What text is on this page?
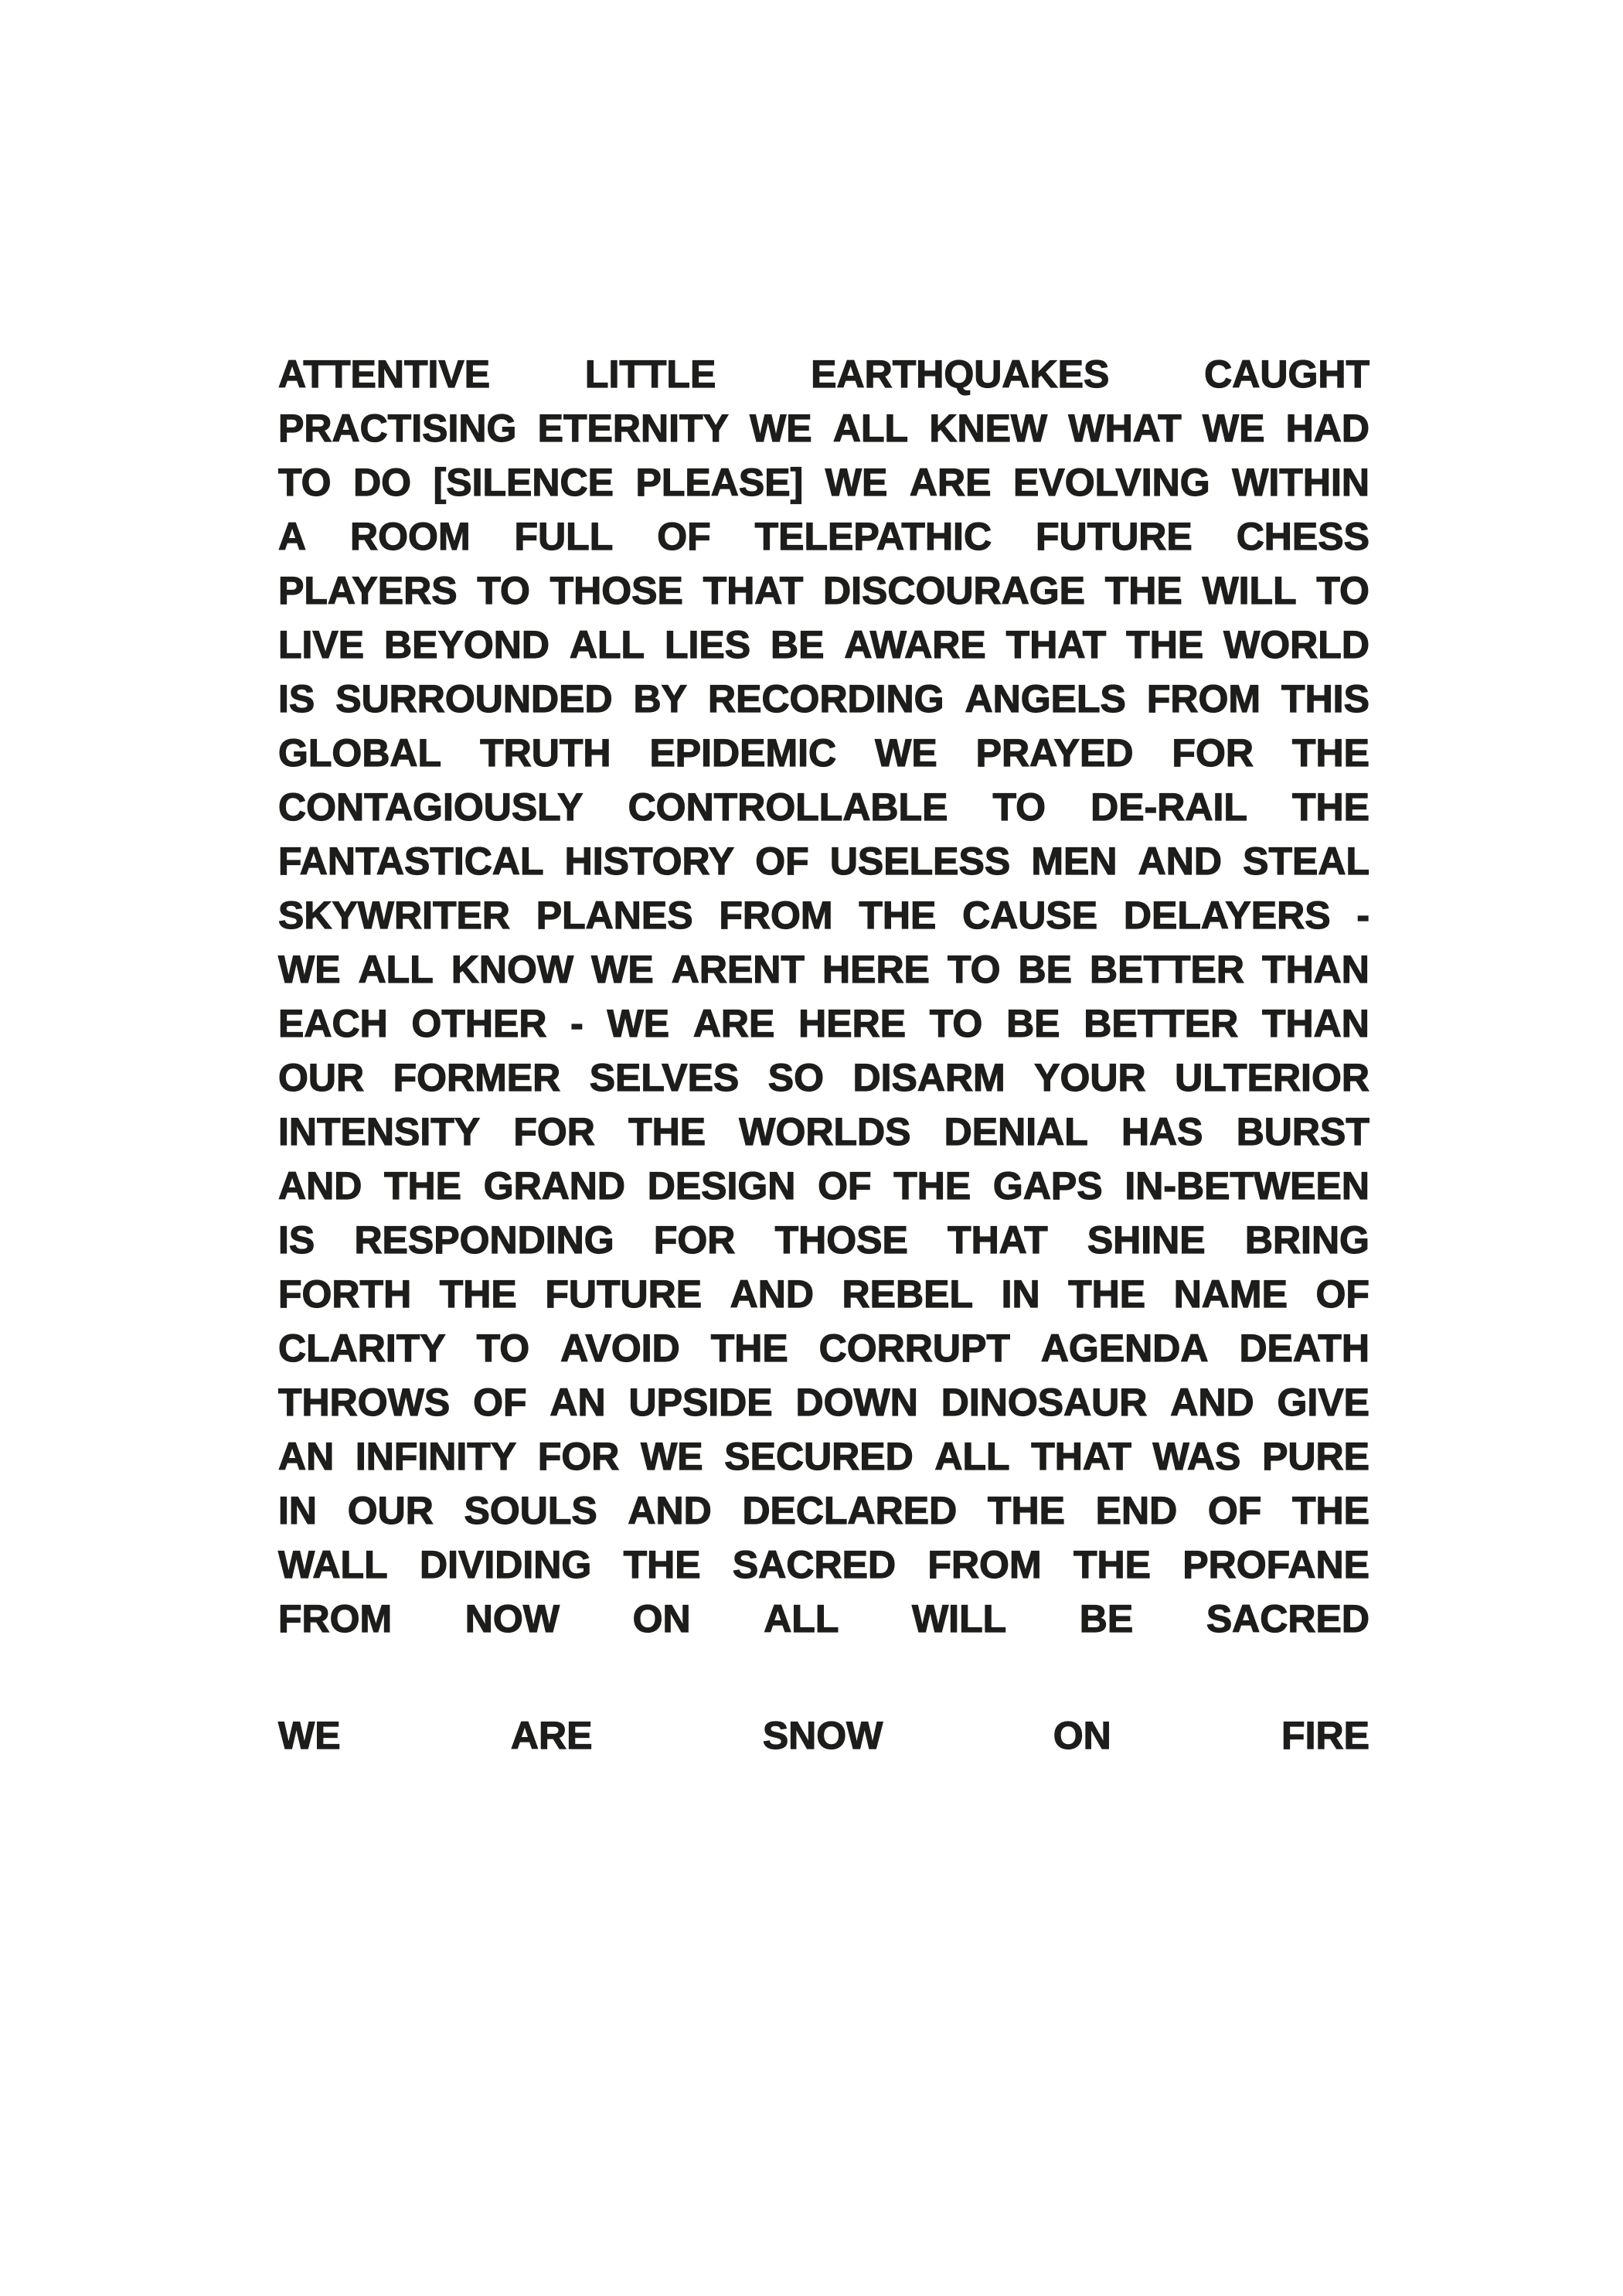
ATTENTIVE LITTLE EARTHQUAKES CAUGHT
PRACTISING ETERNITY WE ALL KNEW WHAT WE HAD
TO DO [SILENCE PLEASE] WE ARE EVOLVING WITHIN
A ROOM FULL OF TELEPATHIC FUTURE CHESS
PLAYERS TO THOSE THAT DISCOURAGE THE WILL TO
LIVE BEYOND ALL LIES BE AWARE THAT THE WORLD
IS SURROUNDED BY RECORDING ANGELS FROM THIS
GLOBAL TRUTH EPIDEMIC WE PRAYED FOR THE
CONTAGIOUSLY CONTROLLABLE TO DE-RAIL THE
FANTASTICAL HISTORY OF USELESS MEN AND STEAL
SKYWRITER PLANES FROM THE CAUSE DELAYERS -
WE ALL KNOW WE ARENT HERE TO BE BETTER THAN
EACH OTHER - WE ARE HERE TO BE BETTER THAN
OUR FORMER SELVES SO DISARM YOUR ULTERIOR
INTENSITY FOR THE WORLDS DENIAL HAS BURST
AND THE GRAND DESIGN OF THE GAPS IN-BETWEEN
IS RESPONDING FOR THOSE THAT SHINE BRING
FORTH THE FUTURE AND REBEL IN THE NAME OF
CLARITY TO AVOID THE CORRUPT AGENDA DEATH
THROWS OF AN UPSIDE DOWN DINOSAUR AND GIVE
AN INFINITY FOR WE SECURED ALL THAT WAS PURE
IN OUR SOULS AND DECLARED THE END OF THE
WALL DIVIDING THE SACRED FROM THE PROFANE
FROM NOW ON ALL WILL BE SACRED
WE	ARE	SNOW	ON	FIRE
